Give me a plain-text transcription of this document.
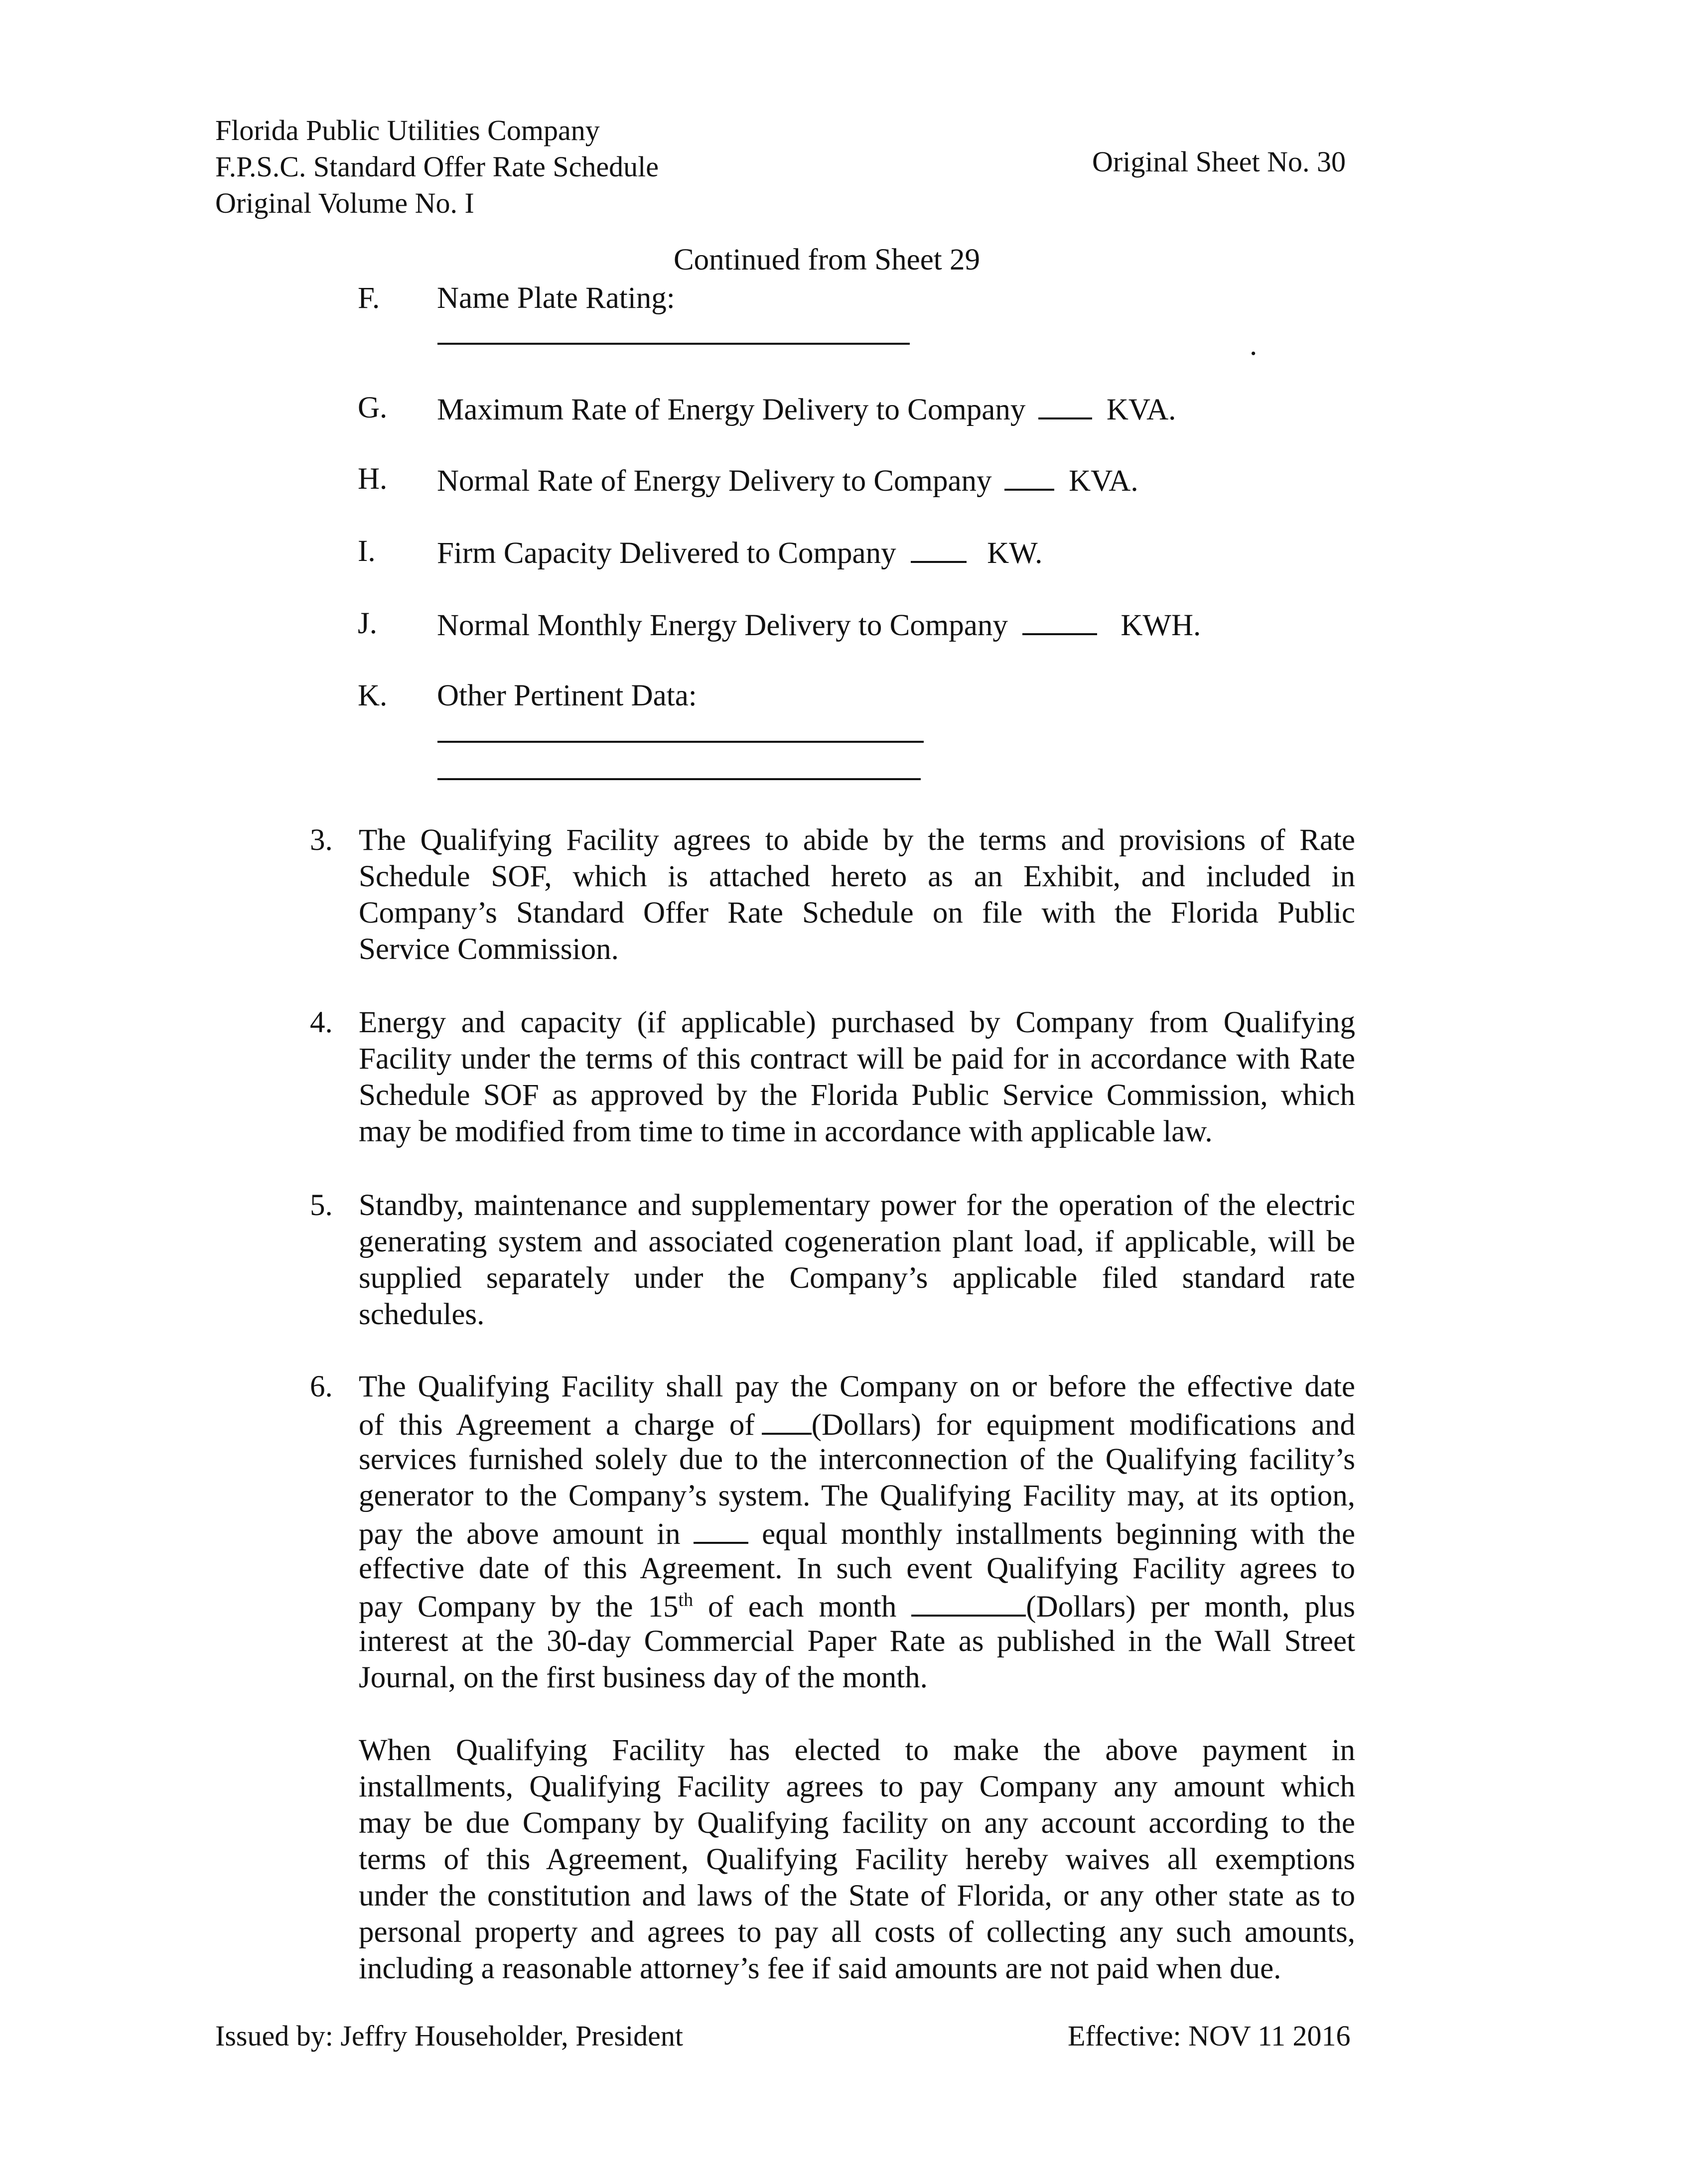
Florida Public Utilities Company
F.P.S.C. Standard Offer Rate Schedule
Original Volume No. I
Original Sheet No. 30
Continued from Sheet 29
F. Name Plate Rating:
.
G. Maximum Rate of Energy Delivery to Company	KVA.
H. Normal Rate of Energy Delivery to Company	KVA.
I. Firm Capacity Delivered to Company	KW.
J. Normal Monthly Energy Delivery to Company	KWH.
K. Other Pertinent Data:
3. The Qualifying Facility agrees to abide by the terms and provisions of Rate
Schedule SOF, which is attached hereto as an Exhibit, and included in
Company’s Standard Offer Rate Schedule on file with the Florida Public
Service Commission.
4. Energy and capacity (if applicable) purchased by Company from Qualifying
Facility under the terms of this contract will be paid for in accordance with Rate
Schedule SOF as approved by the Florida Public Service Commission, which
may be modified from time to time in accordance with applicable law.
5. Standby, maintenance and supplementary power for the operation of the electric
generating system and associated cogeneration plant load, if applicable, will be
supplied separately under the Company’s applicable filed standard rate
schedules.
6. The Qualifying Facility shall pay the Company on or before the effective date
of this Agreement a charge of (Dollars) for equipment modifications and
services furnished solely due to the interconnection of the Qualifying facility’s
generator to the Company’s system. The Qualifying Facility may, at its option,
pay the above amount in	equal monthly installments beginning with the
effective date of this Agreement. In such event Qualifying Facility agrees to
pay Company by the 15th of each month	(Dollars) per month, plus
interest at the 30-day Commercial Paper Rate as published in the Wall Street
Journal, on the first business day of the month.
When Qualifying Facility has elected to make the above payment in
installments, Qualifying Facility agrees to pay Company any amount which
may be due Company by Qualifying facility on any account according to the
terms of this Agreement, Qualifying Facility hereby waives all exemptions
under the constitution and laws of the State of Florida, or any other state as to
personal property and agrees to pay all costs of collecting any such amounts,
including a reasonable attorney’s fee if said amounts are not paid when due.
Issued by: Jeffry Householder, President	Effective: NOV 11 2016
